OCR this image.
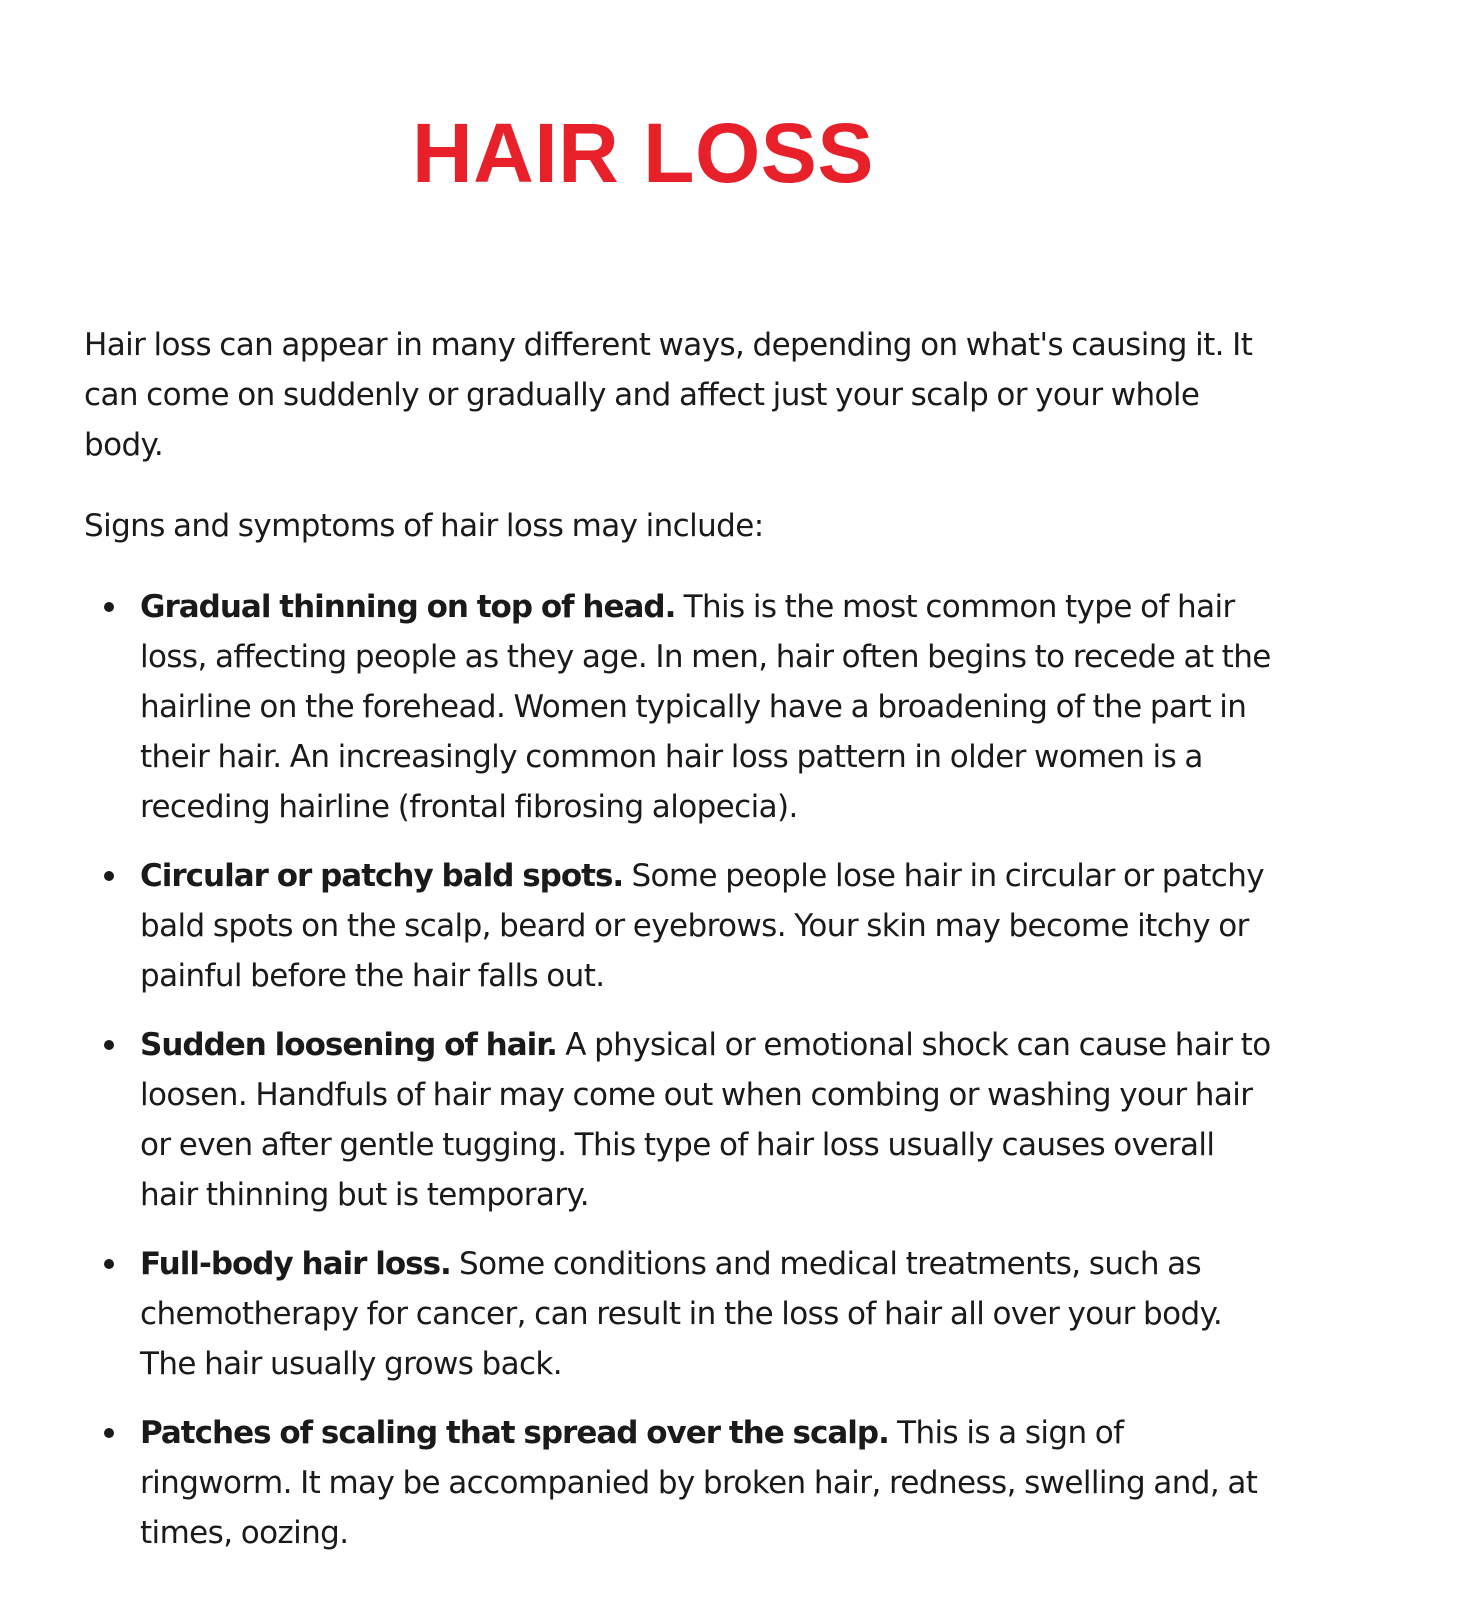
HAIR LOSS

Hair loss can appear in many different ways, depending on what's causing it. It can come on suddenly or gradually and affect just your scalp or your whole body.

Signs and symptoms of hair loss may include:

Gradual thinning on top of head. This is the most common type of hair loss, affecting people as they age. In men, hair often begins to recede at the hairline on the forehead. Women typically have a broadening of the part in their hair. An increasingly common hair loss pattern in older women is a receding hairline (frontal fibrosing alopecia).
Circular or patchy bald spots. Some people lose hair in circular or patchy bald spots on the scalp, beard or eyebrows. Your skin may become itchy or painful before the hair falls out.
Sudden loosening of hair. A physical or emotional shock can cause hair to loosen. Handfuls of hair may come out when combing or washing your hair or even after gentle tugging. This type of hair loss usually causes overall hair thinning but is temporary.
Full-body hair loss. Some conditions and medical treatments, such as chemotherapy for cancer, can result in the loss of hair all over your body. The hair usually grows back.
Patches of scaling that spread over the scalp. This is a sign of ringworm. It may be accompanied by broken hair, redness, swelling and, at times, oozing.
